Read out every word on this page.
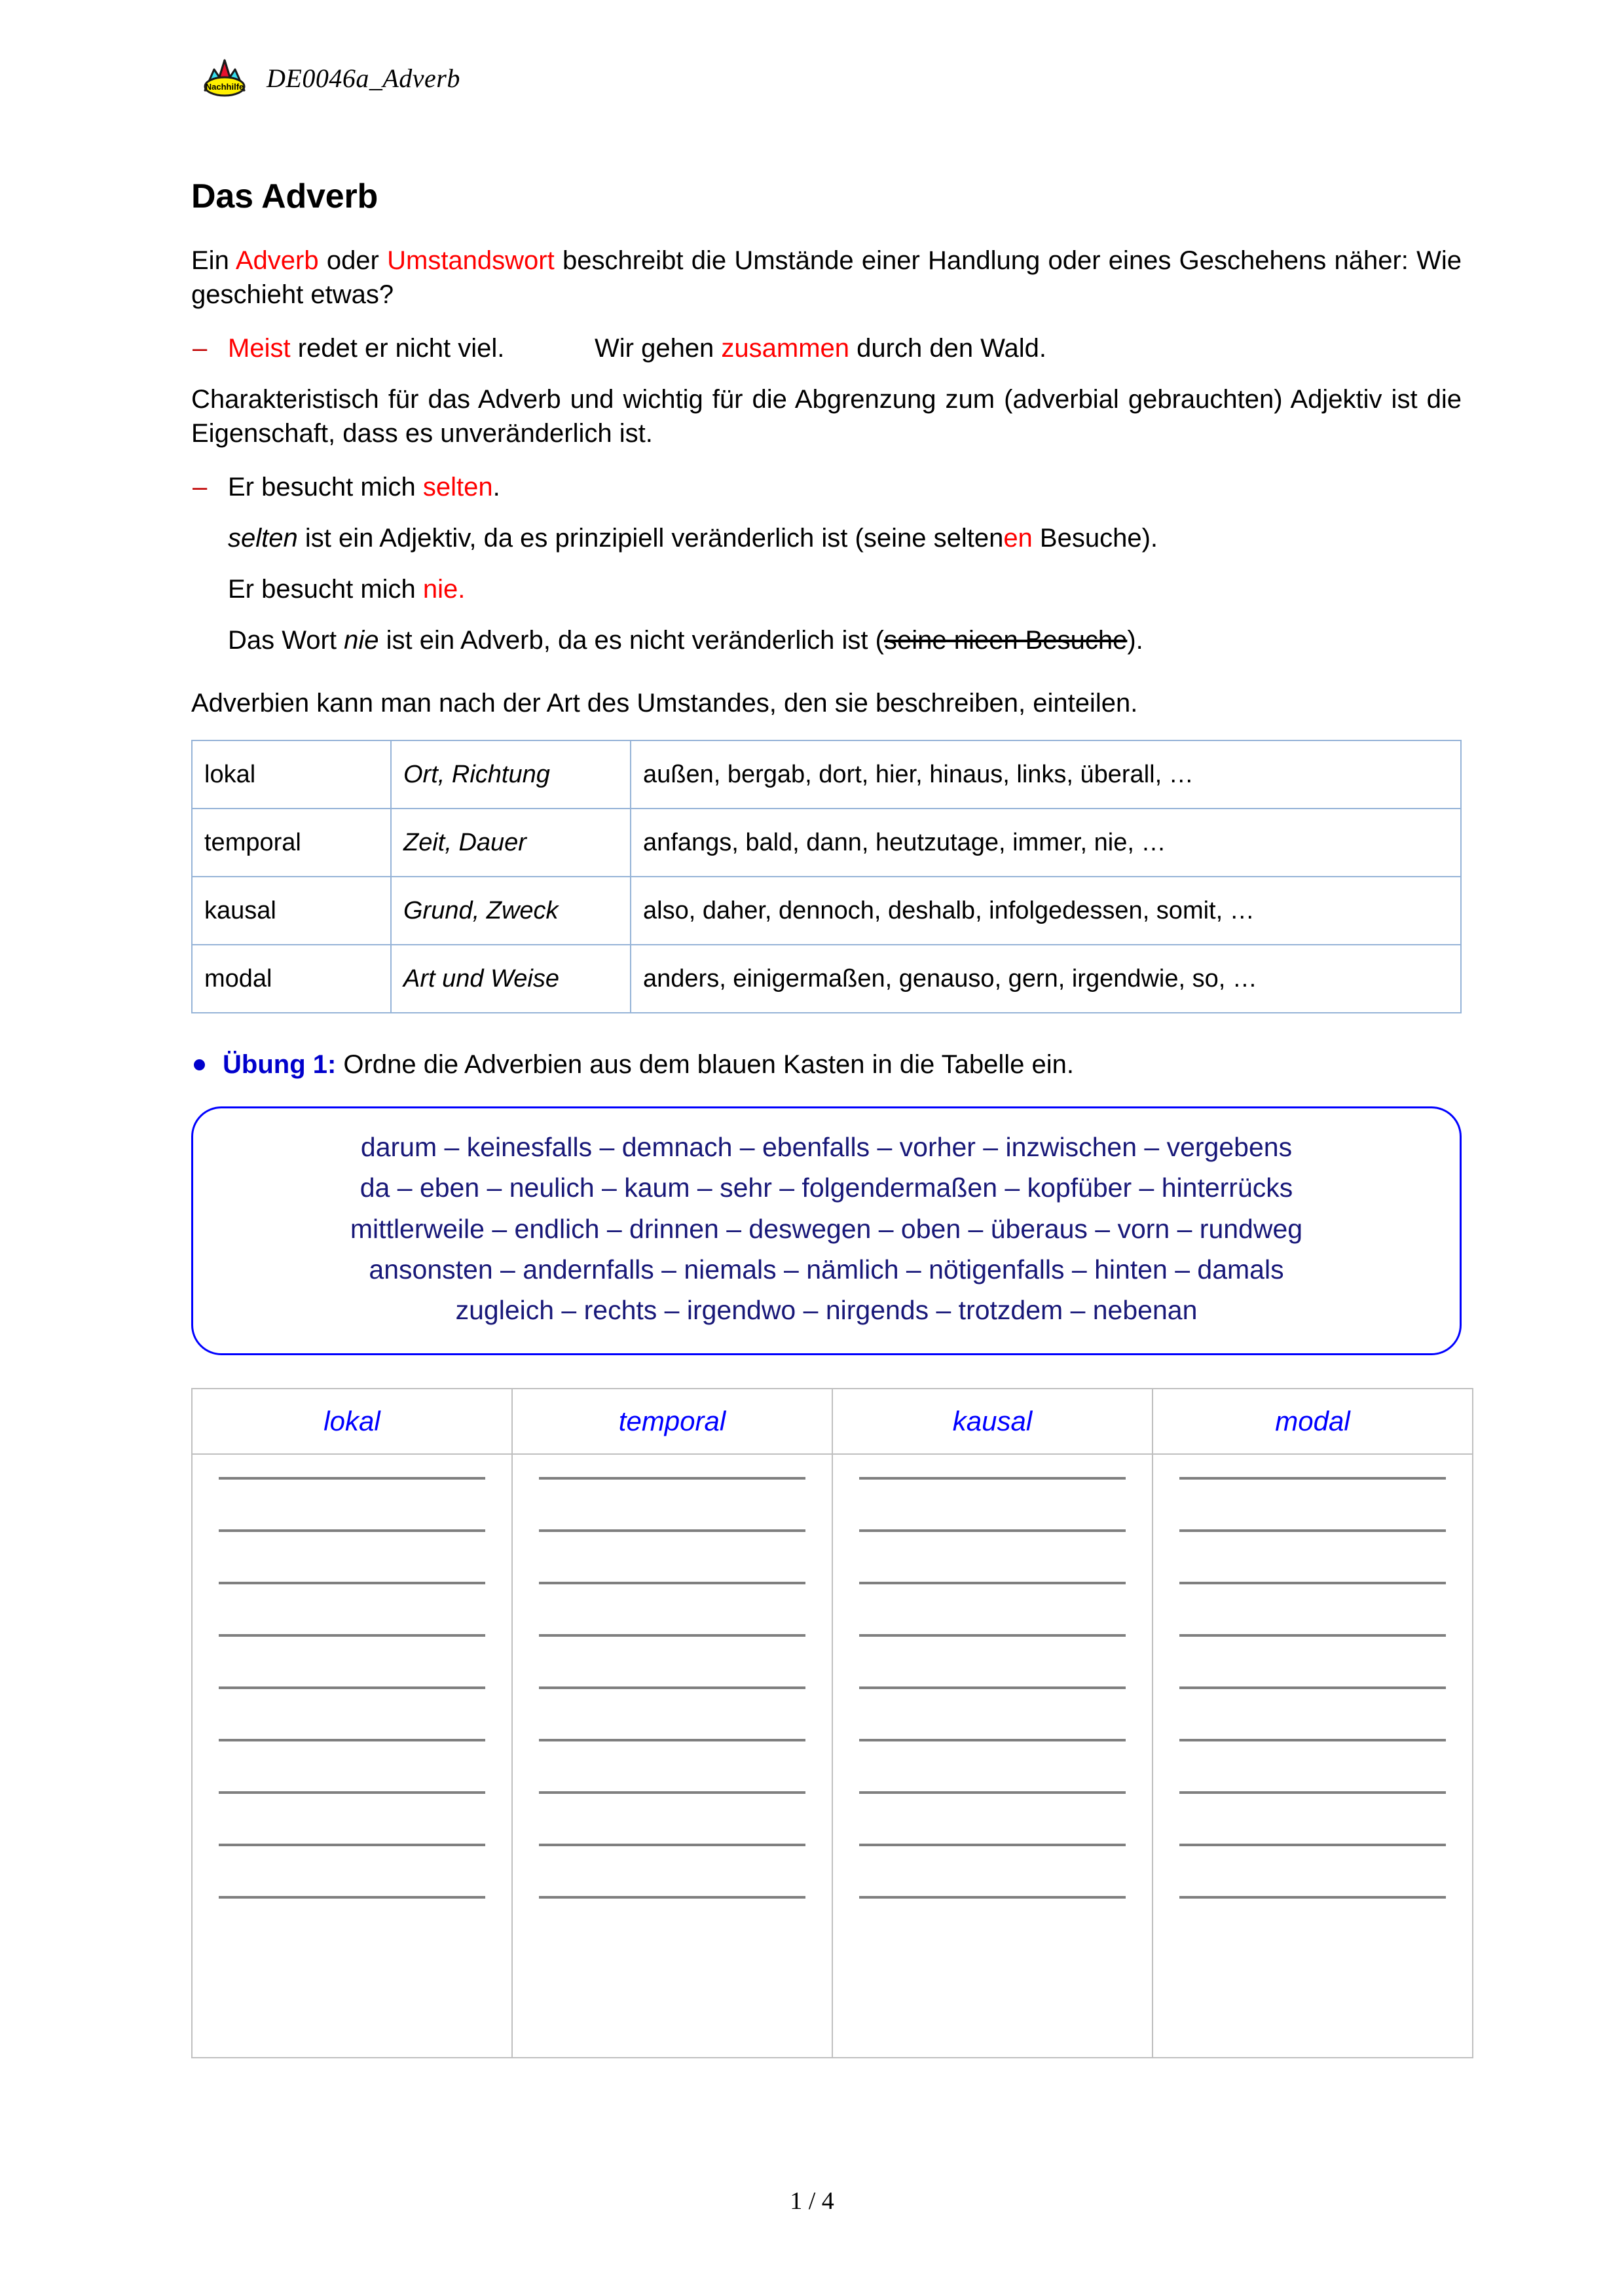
Nachhilfe DE0046a_Adverb
Das Adverb

Ein Adverb oder Umstandswort beschreibt die Umstände einer Handlung oder eines Geschehens näher: Wie geschieht etwas?

– Meist redet er nicht viel.	Wir gehen zusammen durch den Wald.

Charakteristisch für das Adverb und wichtig für die Abgrenzung zum (adverbial gebrauchten) Adjektiv ist die Eigenschaft, dass es unveränderlich ist.

– Er besucht mich selten.
selten ist ein Adjektiv, da es prinzipiell veränderlich ist (seine seltenen Besuche).
Er besucht mich nie.
Das Wort nie ist ein Adverb, da es nicht veränderlich ist (seine nieen Besuche).

Adverbien kann man nach der Art des Umstandes, den sie beschreiben, einteilen.

lokal	Ort, Richtung	außen, bergab, dort, hier, hinaus, links, überall, …
temporal	Zeit, Dauer	anfangs, bald, dann, heutzutage, immer, nie, …
kausal	Grund, Zweck	also, daher, dennoch, deshalb, infolgedessen, somit, …
modal	Art und Weise	anders, einigermaßen, genauso, gern, irgendwie, so, …
Übung 1: Ordne die Adverbien aus dem blauen Kasten in die Tabelle ein.
darum – keinesfalls – demnach – ebenfalls – vorher – inzwischen – vergebens
da – eben – neulich – kaum – sehr – folgendermaßen – kopfüber – hinterrücks
mittlerweile – endlich – drinnen – deswegen – oben – überaus – vorn – rundweg
ansonsten – andernfalls – niemals – nämlich – nötigenfalls – hinten – damals
zugleich – rechts – irgendwo – nirgends – trotzdem – nebenan
lokal	temporal	kausal	modal

1 / 4
